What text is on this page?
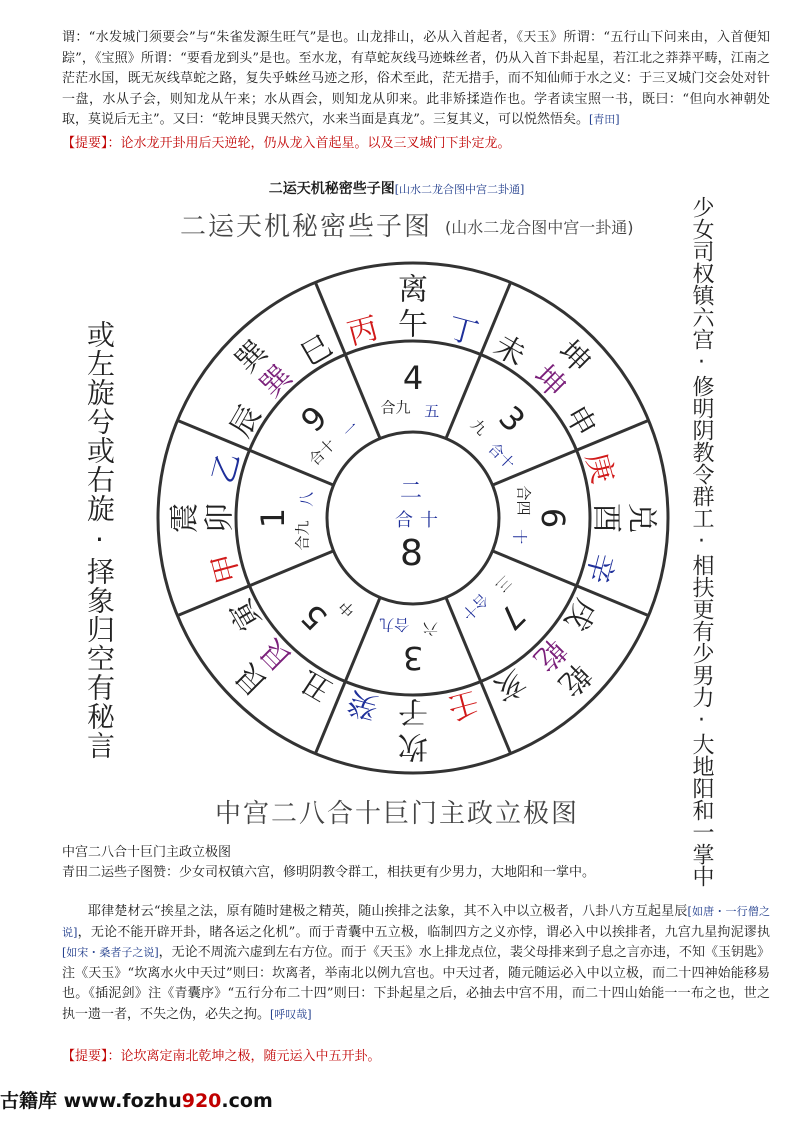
谓：“水发城门须要会”与“朱雀发源生旺气”是也。山龙排山，必从入首起者，《天玉》所谓：“五行山下问来由，入首便知踪”，《宝照》所谓：“要看龙到头”是也。至水龙，有草蛇灰线马迹蛛丝者，仍从入首下卦起星，若江北之莽莽平畴，江南之茫茫水国，既无灰线草蛇之路，复失乎蛛丝马迹之形，俗术至此，茫无措手，而不知仙师于水之义：于三叉城门交会处对针一盘，水从子会，则知龙从午来；水从酉会，则知龙从卯来。此非矫揉造作也。学者读宝照一书，既曰：“但向水神朝处取，莫说后无主”。又曰：“乾坤艮巽天然穴，水来当面是真龙”。三复其义，可以悦然悟矣。[青田]

【提要】：论水龙开卦用后天逆轮，仍从龙入首起星。以及三叉城门下卦定龙。
二运天机秘密些子图[山水二龙合图中宫二卦通]
或左旋兮或右旋·择象归空有秘言	少女司权镇六宫·修明阴教令群工·相扶更有少男力·大地阳和一掌中
二运天机秘密些子图 (山水二龙合图中宫一卦通)
离
坤
兑
乾
坎
艮
震
巽
丙 午 丁 未
坤
申
庚
酉
辛
戌
乾
亥
壬
子
癸
丑
艮
寅
甲
卯
乙
辰
巽
巳
4
合九 五 3
九
合十
6
合四
十
7
三
合十
3
六
合九
5 中
1
合九
八
9
合十
一
二
合 十
8
中宫二八合十巨门主政立极图
中宫二八合十巨门主政立极图
青田二运些子图赞：少女司权镇六宫，修明阴教令群工，相扶更有少男力，大地阳和一掌中。

耶律楚材云“挨星之法，原有随时建极之精英，随山挨排之法象，其不入中以立极者，八卦八方互起星辰[如唐・一行僧之说]，无论不能开辟开卦，睹各运之化机”。而于青囊中五立极，临制四方之义亦悖，谓必入中以挨排者，九宫九星拘泥谬执[如宋・桑者子之说]，无论不周流六虚到左右方位。而于《天玉》水上排龙点位，裴父母排来到子息之言亦违，不知《玉钥匙》注《天玉》“坎离水火中天过”则曰：坎离者，举南北以例九宫也。中天过者，随元随运必入中以立极，而二十四神始能移易也。《插泥剑》注《青囊序》“五行分布二十四”则曰：下卦起星之后，必抽去中宫不用，而二十四山始能一一布之也，世之执一遗一者，不失之伪，必失之拘。[呼叹哉]

【提要】：论坎离定南北乾坤之极，随元运入中五开卦。
古籍库 www.fozhu920.com
